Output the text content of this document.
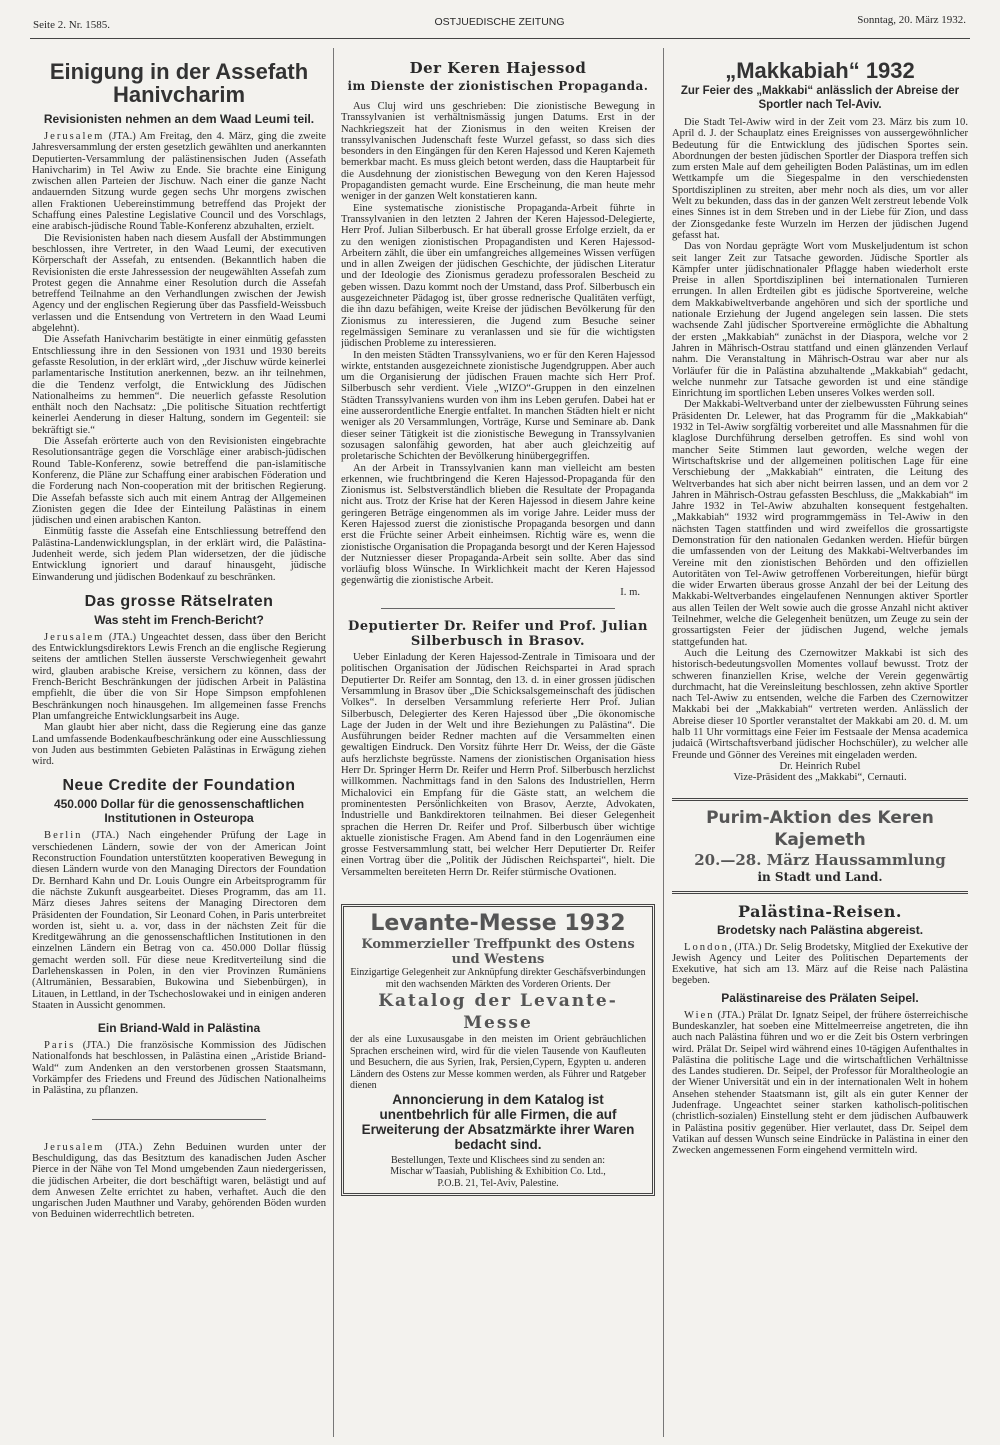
Seite 2. Nr. 1585.	OSTJUEDISCHE ZEITUNG	Sonntag, 20. März 1932.
Einigung in der Assefath Hanivcharim
Revisionisten nehmen an dem Waad Leumi teil.

Jerusalem (JTA.) Am Freitag, den 4. März, ging die zweite Jahresversammlung der ersten gesetzlich gewählten und anerkannten Deputierten-Versammlung der palästinensischen Juden (Assefath Hanivcharim) in Tel Awiw zu Ende. Sie brachte eine Einigung zwischen allen Parteien der Jischuw. Nach einer die ganze Nacht andauernden Sitzung wurde gegen sechs Uhr morgens zwischen allen Fraktionen Uebereinstimmung betreffend das Projekt der Schaffung eines Palestine Legislative Council und des Vorschlags, eine arabisch-jüdische Round Table-Konferenz abzuhalten, erzielt.

Die Revisionisten haben nach diesem Ausfall der Abstimmungen beschlossen, ihre Vertreter, in den Waad Leumi, der executiven Körperschaft der Assefah, zu entsenden. (Bekanntlich haben die Revisionisten die erste Jahressession der neugewählten Assefah zum Protest gegen die Annahme einer Resolution durch die Assefah betreffend Teilnahme an den Verhandlungen zwischen der Jewish Agency und der englischen Regierung über das Passfield-Weissbuch verlassen und die Entsendung von Vertretern in den Waad Leumi abgelehnt).

Die Assefath Hanivcharim bestätigte in einer einmütig gefassten Entschliessung ihre in den Sessionen von 1931 und 1930 bereits gefasste Resolution, in der erklärt wird, „der Jischuw würde keinerlei parlamentarische Institution anerkennen, bezw. an ihr teilnehmen, die die Tendenz verfolgt, die Entwicklung des Jüdischen Nationalheims zu hemmen“. Die neuerlich gefasste Resolution enthält noch den Nachsatz: „Die politische Situation rechtfertigt keinerlei Aenderung in dieser Haltung, sondern im Gegenteil: sie bekräftigt sie.“

Die Assefah erörterte auch von den Revisionisten eingebrachte Resolutionsanträge gegen die Vorschläge einer arabisch-jüdischen Round Table-Konferenz, sowie betreffend die pan-islamitische Konferenz, die Pläne zur Schaffung einer arabischen Föderation und die Forderung nach Non-cooperation mit der britischen Regierung. Die Assefah befasste sich auch mit einem Antrag der Allgemeinen Zionisten gegen die Idee der Einteilung Palästinas in einem jüdischen und einen arabischen Kanton.

Einmütig fasste die Assefah eine Entschliessung betreffend den Palästina-Landenwicklungsplan, in der erklärt wird, die Palästina-Judenheit werde, sich jedem Plan widersetzen, der die jüdische Entwicklung ignoriert und darauf hinausgeht, jüdische Einwanderung und jüdischen Bodenkauf zu beschränken.

Das grosse Rätselraten
Was steht im French-Bericht?

Jerusalem (JTA.) Ungeachtet dessen, dass über den Bericht des Entwicklungsdirektors Lewis French an die englische Regierung seitens der amtlichen Stellen äusserste Verschwiegenheit gewahrt wird, glauben arabische Kreise, versichern zu können, dass der French-Bericht Beschränkungen der jüdischen Arbeit in Palästina empfiehlt, die über die von Sir Hope Simpson empfohlenen Beschränkungen noch hinausgehen. Im allgemeinen fasse Frenchs Plan umfangreiche Entwicklungsarbeit ins Auge.

Man glaubt hier aber nicht, dass die Regierung eine das ganze Land umfassende Bodenkaufbeschränkung oder eine Ausschliessung von Juden aus bestimmten Gebieten Palästinas in Erwägung ziehen wird.

Neue Credite der Foundation
450.000 Dollar für die genossenschaftlichen Institutionen in Osteuropa

Berlin (JTA.) Nach eingehender Prüfung der Lage in verschiedenen Ländern, sowie der von der American Joint Reconstruction Foundation unterstützten kooperativen Bewegung in diesen Ländern wurde von den Managing Directors der Foundation Dr. Bernhard Kahn und Dr. Louis Oungre ein Arbeitsprogramm für die nächste Zukunft ausgearbeitet. Dieses Programm, das am 11. März dieses Jahres seitens der Managing Directoren dem Präsidenten der Foundation, Sir Leonard Cohen, in Paris unterbreitet worden ist, sieht u. a. vor, dass in der nächsten Zeit für die Kreditgewährung an die genossenschaftlichen Institutionen in den einzelnen Ländern ein Betrag von ca. 450.000 Dollar flüssig gemacht werden soll. Für diese neue Kreditverteilung sind die Darlehenskassen in Polen, in den vier Provinzen Rumäniens (Altrumänien, Bessarabien, Bukowina und Siebenbürgen), in Litauen, in Lettland, in der Tschechoslowakei und in einigen anderen Staaten in Aussicht genommen.

Ein Briand-Wald in Palästina

Paris (JTA.) Die französische Kommission des Jüdischen Nationalfonds hat beschlossen, in Palästina einen „Aristide Briand-Wald“ zum Andenken an den verstorbenen grossen Staatsmann, Vorkämpfer des Friedens und Freund des Jüdischen Nationalheims in Palästina, zu pflanzen.

Jerusalem (JTA.) Zehn Beduinen wurden unter der Beschuldigung, das das Besitztum des kanadischen Juden Ascher Pierce in der Nähe von Tel Mond umgebenden Zaun niedergerissen, die jüdischen Arbeiter, die dort beschäftigt waren, belästigt und auf dem Anwesen Zelte errichtet zu haben, verhaftet. Auch die den ungarischen Juden Mauthner und Varaby, gehörenden Böden wurden von Beduinen widerrechtlich betreten.

Der Keren Hajessod
im Dienste der zionistischen Propaganda.

Aus Cluj wird uns geschrieben: Die zionistische Bewegung in Transsylvanien ist verhältnismässig jungen Datums. Erst in der Nachkriegszeit hat der Zionismus in den weiten Kreisen der transsylvanischen Judenschaft feste Wurzel gefasst, so dass sich dies besonders in den Eingängen für den Keren Hajessod und Keren Kajemeth bemerkbar macht. Es muss gleich betont werden, dass die Hauptarbeit für die Ausdehnung der zionistischen Bewegung von den Keren Hajessod Propagandisten gemacht wurde. Eine Erscheinung, die man heute mehr weniger in der ganzen Welt konstatieren kann.

Eine systematische zionistische Propaganda-Arbeit führte in Transsylvanien in den letzten 2 Jahren der Keren Hajessod-Delegierte, Herr Prof. Julian Silberbusch. Er hat überall grosse Erfolge erzielt, da er zu den wenigen zionistischen Propagandisten und Keren Hajessod-Arbeitern zählt, die über ein umfangreiches allgemeines Wissen verfügen und in allen Zweigen der jüdischen Geschichte, der jüdischen Literatur und der Ideologie des Zionismus geradezu professoralen Bescheid zu geben wissen. Dazu kommt noch der Umstand, dass Prof. Silberbusch ein ausgezeichneter Pädagog ist, über grosse rednerische Qualitäten verfügt, die ihn dazu befähigen, weite Kreise der jüdischen Bevölkerung für den Zionismus zu interessieren, die Jugend zum Besuche seiner regelmässigen Seminare zu veranlassen und sie für die wichtigsten jüdischen Probleme zu interessieren.

In den meisten Städten Transsylvaniens, wo er für den Keren Hajessod wirkte, entstanden ausgezeichnete zionistische Jugendgruppen. Aber auch um die Organisierung der jüdischen Frauen machte sich Herr Prof. Silberbusch sehr verdient. Viele „WIZO“-Gruppen in den einzelnen Städten Transsylvaniens wurden von ihm ins Leben gerufen. Dabei hat er eine ausserordentliche Energie entfaltet. In manchen Städten hielt er nicht weniger als 20 Versammlungen, Vorträge, Kurse und Seminare ab. Dank dieser seiner Tätigkeit ist die zionistische Bewegung in Transsylvanien sozusagen salonfähig geworden, hat aber auch gleichzeitig auf proletarische Schichten der Bevölkerung hinübergegriffen.

An der Arbeit in Transsylvanien kann man vielleicht am besten erkennen, wie fruchtbringend die Keren Hajessod-Propaganda für den Zionismus ist. Selbstverständlich blieben die Resultate der Propaganda nicht aus. Trotz der Krise hat der Keren Hajessod in diesem Jahre keine geringeren Beträge eingenommen als im vorige Jahre. Leider muss der Keren Hajessod zuerst die zionistische Propaganda besorgen und dann erst die Früchte seiner Arbeit einheimsen. Richtig wäre es, wenn die zionistische Organisation die Propaganda besorgt und der Keren Hajessod der Nutzniesser dieser Propaganda-Arbeit sein sollte. Aber das sind vorläufig bloss Wünsche. In Wirklichkeit macht der Keren Hajessod gegenwärtig die zionistische Arbeit.

I. m.
Deputierter Dr. Reifer und Prof. Julian Silberbusch in Brasov.

Ueber Einladung der Keren Hajessod-Zentrale in Timisoara und der politischen Organisation der Jüdischen Reichspartei in Arad sprach Deputierter Dr. Reifer am Sonntag, den 13. d. in einer grossen jüdischen Versammlung in Brasov über „Die Schicksalsgemeinschaft des jüdischen Volkes“. In derselben Versammlung referierte Herr Prof. Julian Silberbusch, Delegierter des Keren Hajessod über „Die ökonomische Lage der Juden in der Welt und ihre Beziehungen zu Palästina“. Die Ausführungen beider Redner machten auf die Versammelten einen gewaltigen Eindruck. Den Vorsitz führte Herr Dr. Weiss, der die Gäste aufs herzlichste begrüsste. Namens der zionistischen Organisation hiess Herr Dr. Springer Herrn Dr. Reifer und Herrn Prof. Silberbusch herzlichst willkommen. Nachmittags fand in den Salons des Industriellen, Herrn Michalovici ein Empfang für die Gäste statt, an welchem die prominentesten Persönlichkeiten von Brasov, Aerzte, Advokaten, Industrielle und Bankdirektoren teilnahmen. Bei dieser Gelegenheit sprachen die Herren Dr. Reifer und Prof. Silberbusch über wichtige aktuelle zionistische Fragen. Am Abend fand in den Logenräumen eine grosse Festversammlung statt, bei welcher Herr Deputierter Dr. Reifer einen Vortrag über die „Politik der Jüdischen Reichspartei“, hielt. Die Versammelten bereiteten Herrn Dr. Reifer stürmische Ovationen.

Levante-Messe 1932
Kommerzieller Treffpunkt des Ostens und Westens
Einzigartige Gelegenheit zur Anknüpfung direkter Geschäfsverbindungen mit den wachsenden Märkten des Vorderen Orients. Der
Katalog der Levante-Messe
der als eine Luxusausgabe in den meisten im Orient gebräuchlichen Sprachen erscheinen wird, wird für die vielen Tausende von Kaufleuten und Besuchern, die aus Syrien, Irak, Persien,Cypern, Egypten u. anderen Ländern des Ostens zur Messe kommen werden, als Führer und Ratgeber dienen
Annoncierung in dem Katalog ist unentbehrlich für alle Firmen, die auf Erweiterung der Absatzmärkte ihrer Waren bedacht sind.
Bestellungen, Texte und Klischees sind zu senden an:
Mischar w'Taasiah, Publishing & Exhibition Co. Ltd.,
P.O.B. 21, Tel-Aviv, Palestine.
„Makkabiah“ 1932
Zur Feier des „Makkabi“ anlässlich der Abreise der Sportler nach Tel-Aviv.

Die Stadt Tel-Awiw wird in der Zeit vom 23. März bis zum 10. April d. J. der Schauplatz eines Ereignisses von aussergewöhnlicher Bedeutung für die Entwicklung des jüdischen Sportes sein. Abordnungen der besten jüdischen Sportler der Diaspora treffen sich zum ersten Male auf dem geheiligten Boden Palästinas, um im edlen Wettkampfe um die Siegespalme in den verschiedensten Sportdisziplinen zu streiten, aber mehr noch als dies, um vor aller Welt zu bekunden, dass das in der ganzen Welt zerstreut lebende Volk eines Sinnes ist in dem Streben und in der Liebe für Zion, und dass der Zionsgedanke feste Wurzeln im Herzen der jüdischen Jugend gefasst hat.

Das von Nordau geprägte Wort vom Muskeljudentum ist schon seit langer Zeit zur Tatsache geworden. Jüdische Sportler als Kämpfer unter jüdischnationaler Pflagge haben wiederholt erste Preise in allen Sportdisziplinen bei internationalen Turnieren errungen. In allen Erdteilen gibt es jüdische Sportvereine, welche dem Makkabiweltverbande angehören und sich der sportliche und nationale Erziehung der Jugend angelegen sein lassen. Die stets wachsende Zahl jüdischer Sportvereine ermöglichte die Abhaltung der ersten „Makkabiah“ zunächst in der Diaspora, welche vor 2 Jahren in Mährisch-Ostrau stattfand und einen glänzenden Verlauf nahm. Die Veranstaltung in Mährisch-Ostrau war aber nur als Vorläufer für die in Palästina abzuhaltende „Makkabiah“ gedacht, welche nunmehr zur Tatsache geworden ist und eine ständige Einrichtung im sportlichen Leben unseres Volkes werden soll.

Der Makkabi-Weltverband unter der zielbewussten Führung seines Präsidenten Dr. Lelewer, hat das Programm für die „Makkabiah“ 1932 in Tel-Awiw sorgfältig vorbereitet und alle Massnahmen für die klaglose Durchführung derselben getroffen. Es sind wohl von mancher Seite Stimmen laut geworden, welche wegen der Wirtschaftskrise und der allgemeinen politischen Lage für eine Verschiebung der „Makkabiah“ eintraten, die Leitung des Weltverbandes hat sich aber nicht beirren lassen, und an dem vor 2 Jahren in Mährisch-Ostrau gefassten Beschluss, die „Makkabiah“ im Jahre 1932 in Tel-Awiw abzuhalten konsequent festgehalten. „Makkabiah“ 1932 wird programmgemäss in Tel-Awiw in den nächsten Tagen stattfinden und wird zweifellos die grossartigste Demonstration für den nationalen Gedanken werden. Hiefür bürgen die umfassenden von der Leitung des Makkabi-Weltverbandes im Vereine mit den zionistischen Behörden und den offiziellen Autoritäten von Tel-Awiw getroffenen Vorbereitungen, hiefür bürgt die wider Erwarten überaus grosse Anzahl der bei der Leitung des Makkabi-Weltverbandes eingelaufenen Nennungen aktiver Sportler aus allen Teilen der Welt sowie auch die grosse Anzahl nicht aktiver Teilnehmer, welche die Gelegenheit benützen, um Zeuge zu sein der grossartigsten Feier der jüdischen Jugend, welche jemals stattgefunden hat.

Auch die Leitung des Czernowitzer Makkabi ist sich des historisch-bedeutungsvollen Momentes vollauf bewusst. Trotz der schweren finanziellen Krise, welche der Verein gegenwärtig durchmacht, hat die Vereinsleitung beschlossen, zehn aktive Sportler nach Tel-Awiw zu entsenden, welche die Farben des Czernowitzer Makkabi bei der „Makkabiah“ vertreten werden. Anlässlich der Abreise dieser 10 Sportler veranstaltet der Makkabi am 20. d. M. um halb 11 Uhr vormittags eine Feier im Festsaale der Mensa academica judaică (Wirtschaftsverband jüdischer Hochschüler), zu welcher alle Freunde und Gönner des Vereines mit eingeladen werden.

Dr. Heinrich Rubel
Vize-Präsident des „Makkabi“, Cernauti.
Purim-Aktion des Keren Kajemeth
20.—28. März Haussammlung
in Stadt und Land.
Palästina-Reisen.
Brodetsky nach Palästina abgereist.

London, (JTA.) Dr. Selig Brodetsky, Mitglied der Exekutive der Jewish Agency und Leiter des Politischen Departements der Exekutive, hat sich am 13. März auf die Reise nach Palästina begeben.

Palästinareise des Prälaten Seipel.

Wien (JTA.) Prälat Dr. Ignatz Seipel, der frühere österreichische Bundeskanzler, hat soeben eine Mittelmeerreise angetreten, die ihn auch nach Palästina führen und wo er die Zeit bis Ostern verbringen wird. Prälat Dr. Seipel wird während eines 10-tägigen Aufenthaltes in Palästina die politische Lage und die wirtschaftlichen Verhältnisse des Landes studieren. Dr. Seipel, der Professor für Moraltheologie an der Wiener Universität und ein in der internationalen Welt in hohem Ansehen stehender Staatsmann ist, gilt als ein guter Kenner der Judenfrage. Ungeachtet seiner starken katholisch-politischen (christlich-sozialen) Einstellung steht er dem jüdischen Aufbauwerk in Palästina positiv gegenüber. Hier verlautet, dass Dr. Seipel dem Vatikan auf dessen Wunsch seine Eindrücke in Palästina in einer den Zwecken angemessenen Form eingehend vermitteln wird.
